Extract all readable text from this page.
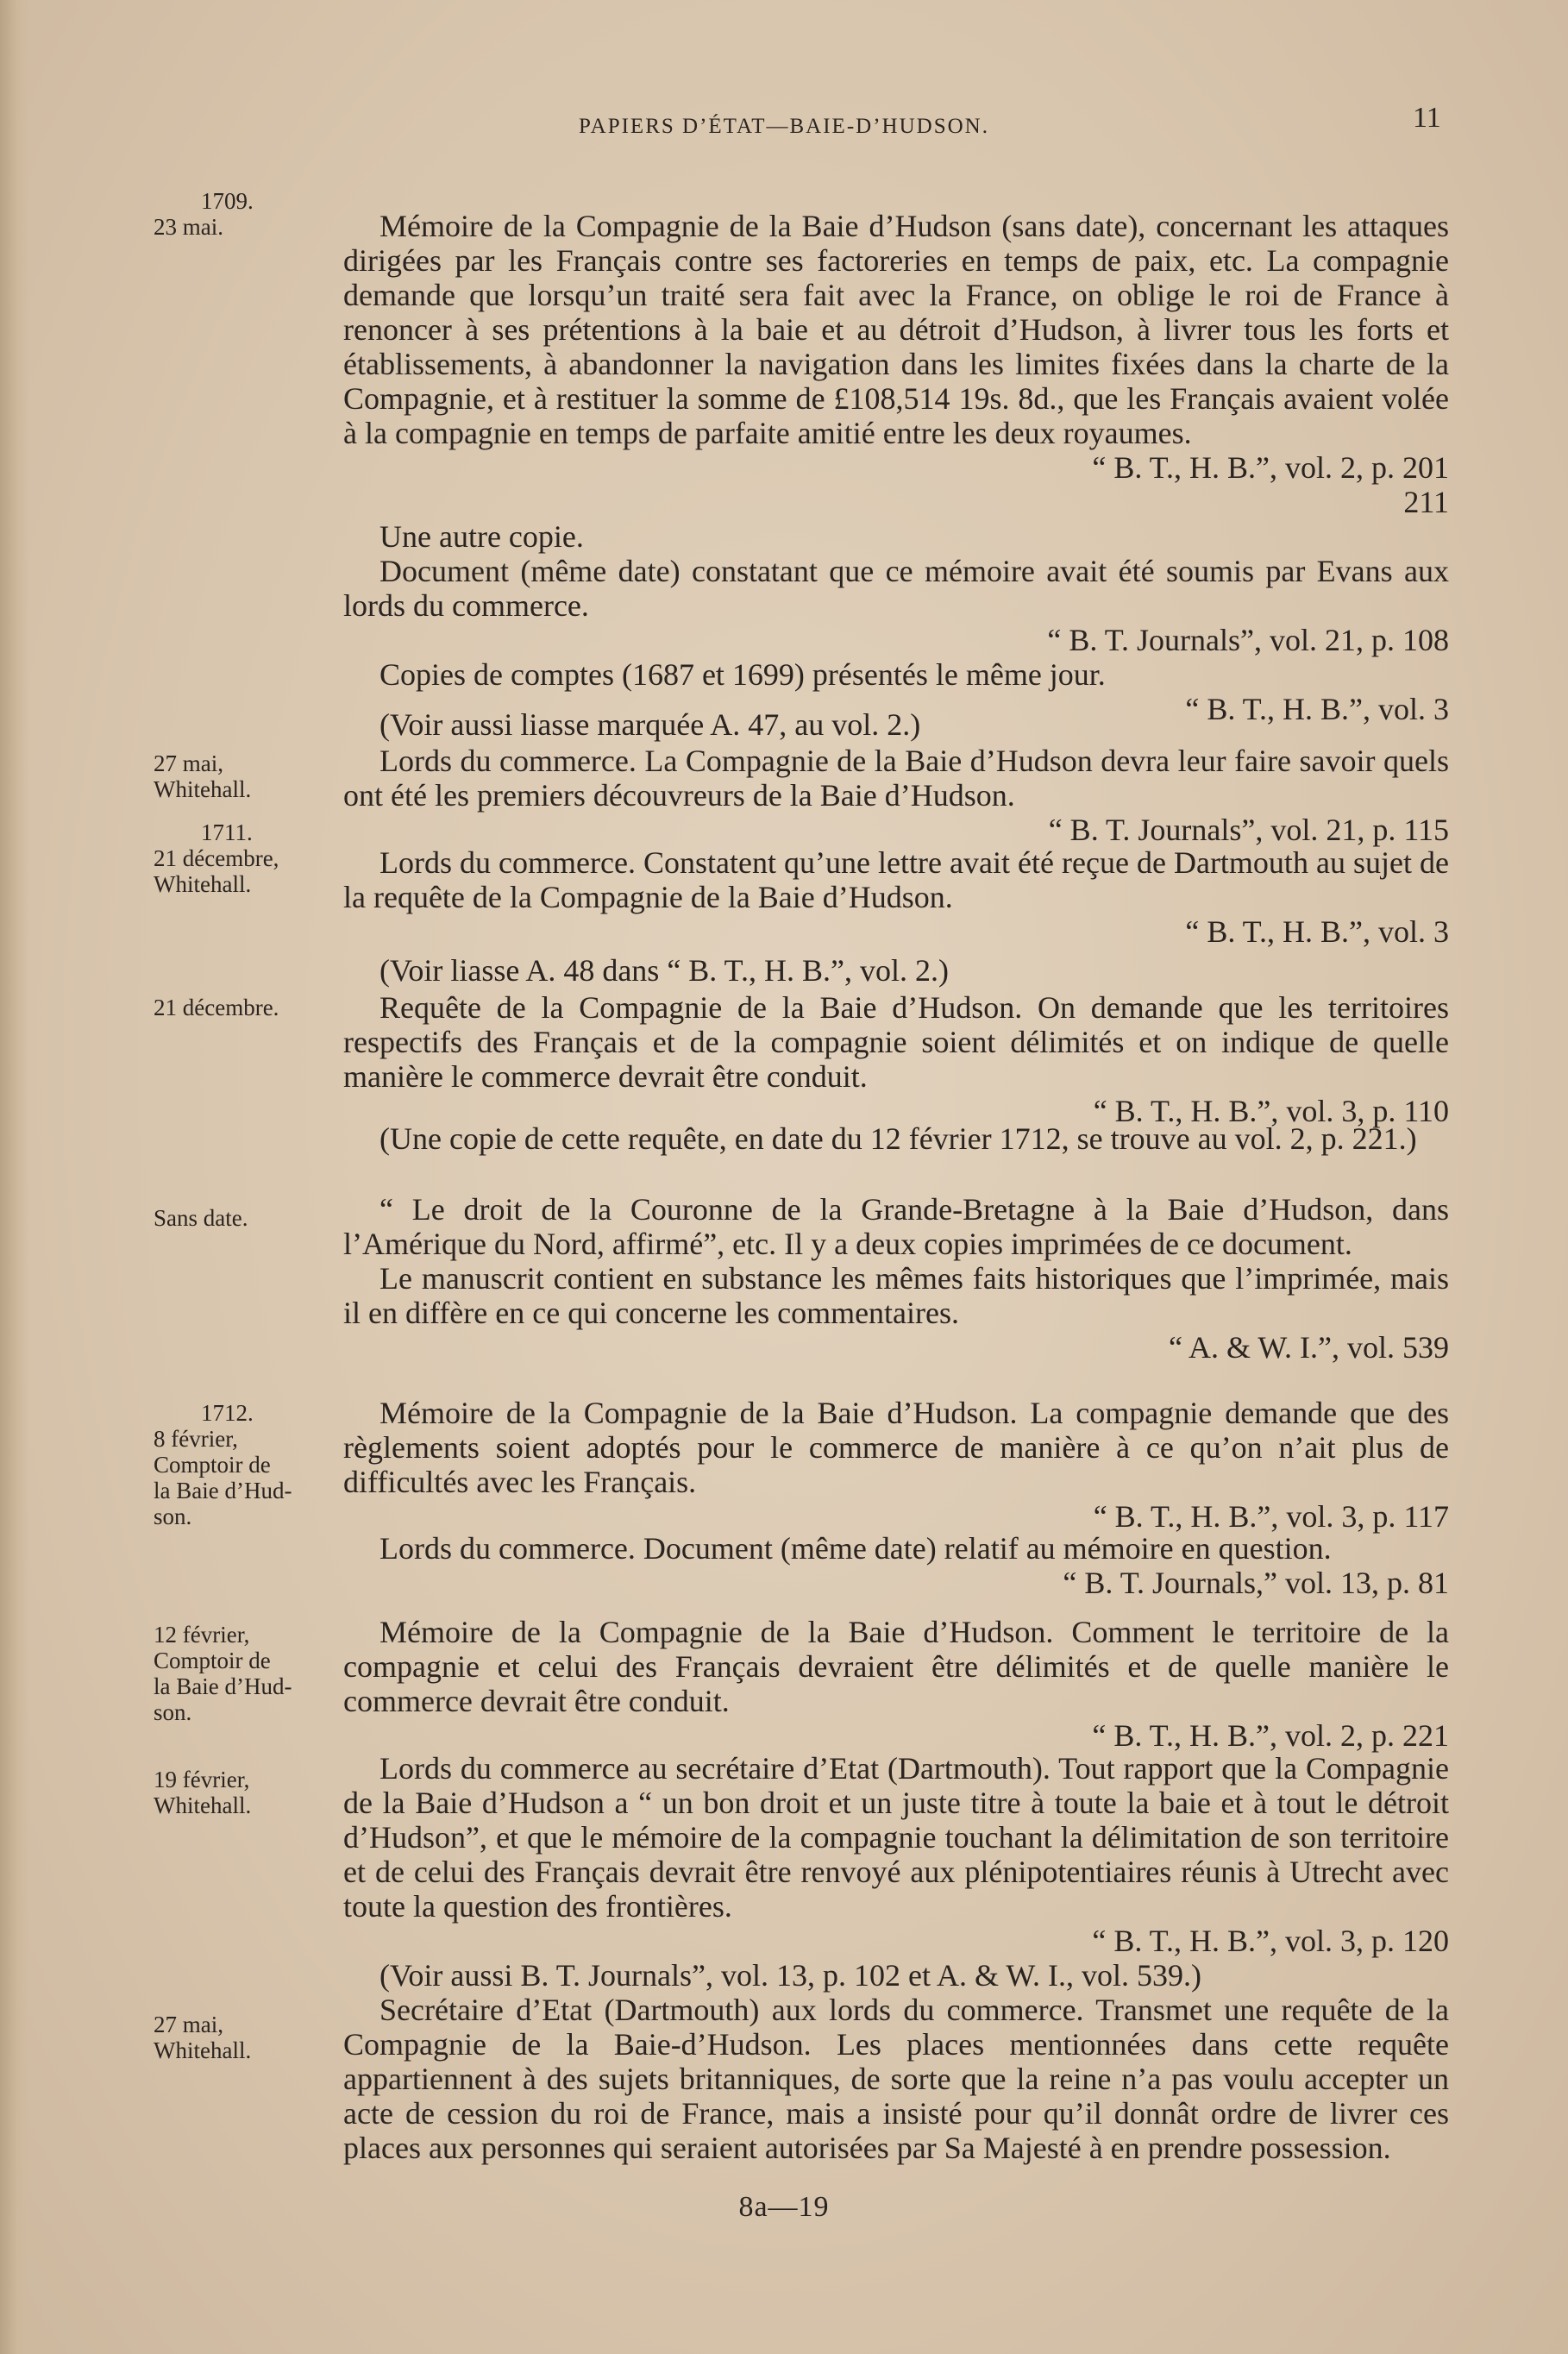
PAPIERS D’ÉTAT—BAIE-D’HUDSON.	11
1709.
23 mai.
27 mai,
Whitehall.
1711.
21 décembre,
Whitehall.
21 décembre.
Sans date.
1712.
8 février,
Comptoir de
la Baie d’Hud-
son.
12 février,
Comptoir de
la Baie d’Hud-
son.
19 février,
Whitehall.
27 mai,
Whitehall.

Mémoire de la Compagnie de la Baie d’Hudson (sans date), concernant les attaques dirigées par les Français contre ses factoreries en temps de paix, etc. La compagnie demande que lorsqu’un traité sera fait avec la France, on oblige le roi de France à renoncer à ses prétentions à la baie et au détroit d’Hudson, à livrer tous les forts et établissements, à abandonner la navigation dans les limites fixées dans la charte de la Compagnie, et à restituer la somme de £108,514 19s. 8d., que les Français avaient volée à la compagnie en temps de parfaite amitié entre les deux royaumes.

“ B. T., H. B.”, vol. 2, p. 201

211

Une autre copie.

Document (même date) constatant que ce mémoire avait été soumis par Evans aux lords du commerce.

“ B. T. Journals”, vol. 21, p. 108

Copies de comptes (1687 et 1699) présentés le même jour.

“ B. T., H. B.”, vol. 3

(Voir aussi liasse marquée A. 47, au vol. 2.)

Lords du commerce. La Compagnie de la Baie d’Hudson devra leur faire savoir quels ont été les premiers découvreurs de la Baie d’Hudson.

“ B. T. Journals”, vol. 21, p. 115

Lords du commerce. Constatent qu’une lettre avait été reçue de Dartmouth au sujet de la requête de la Compagnie de la Baie d’Hudson.

“ B. T., H. B.”, vol. 3

(Voir liasse A. 48 dans “ B. T., H. B.”, vol. 2.)

Requête de la Compagnie de la Baie d’Hudson. On demande que les territoires respectifs des Français et de la compagnie soient délimités et on indique de quelle manière le commerce devrait être conduit.

“ B. T., H. B.”, vol. 3, p. 110

(Une copie de cette requête, en date du 12 février 1712, se trouve au vol. 2, p. 221.)

“ Le droit de la Couronne de la Grande-Bretagne à la Baie d’Hudson, dans l’Amérique du Nord, affirmé”, etc. Il y a deux copies imprimées de ce document.

Le manuscrit contient en substance les mêmes faits historiques que l’imprimée, mais il en diffère en ce qui concerne les commentaires.

“ A. & W. I.”, vol. 539

Mémoire de la Compagnie de la Baie d’Hudson. La compagnie demande que des règlements soient adoptés pour le commerce de manière à ce qu’on n’ait plus de difficultés avec les Français.

“ B. T., H. B.”, vol. 3, p. 117

Lords du commerce. Document (même date) relatif au mémoire en question.

“ B. T. Journals,” vol. 13, p. 81

Mémoire de la Compagnie de la Baie d’Hudson. Comment le territoire de la compagnie et celui des Français devraient être délimités et de quelle manière le commerce devrait être conduit.

“ B. T., H. B.”, vol. 2, p. 221

Lords du commerce au secrétaire d’Etat (Dartmouth). Tout rapport que la Compagnie de la Baie d’Hudson a “ un bon droit et un juste titre à toute la baie et à tout le détroit d’Hudson”, et que le mémoire de la compagnie touchant la délimitation de son territoire et de celui des Français devrait être renvoyé aux plénipotentiaires réunis à Utrecht avec toute la question des frontières.

“ B. T., H. B.”, vol. 3, p. 120

(Voir aussi B. T. Journals”, vol. 13, p. 102 et A. & W. I., vol. 539.)

Secrétaire d’Etat (Dartmouth) aux lords du commerce. Transmet une requête de la Compagnie de la Baie-d’Hudson. Les places mentionnées dans cette requête appartiennent à des sujets britanniques, de sorte que la reine n’a pas voulu accepter un acte de cession du roi de France, mais a insisté pour qu’il donnât ordre de livrer ces places aux personnes qui seraient autorisées par Sa Majesté à en prendre possession.

8a—19
